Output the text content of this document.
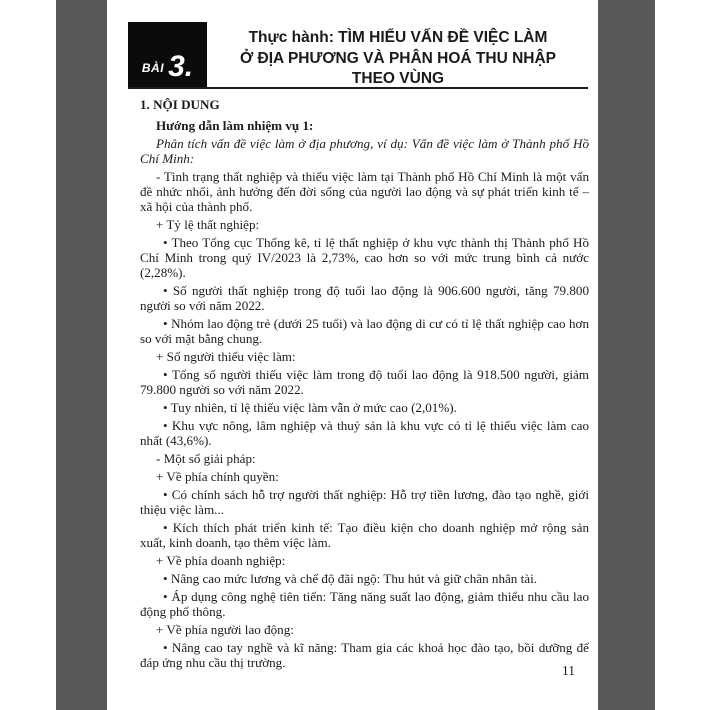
BÀI 3.
Thực hành: TÌM HIỂU VẤN ĐỀ VIỆC LÀM
Ở ĐỊA PHƯƠNG VÀ PHÂN HOÁ THU NHẬP
THEO VÙNG

1. NỘI DUNG

Hướng dẫn làm nhiệm vụ 1:

Phân tích vấn đề việc làm ở địa phương, ví dụ: Vấn đề việc làm ở Thành phố Hồ Chí Minh:

- Tình trạng thất nghiệp và thiếu việc làm tại Thành phố Hồ Chí Minh là một vấn đề nhức nhối, ảnh hưởng đến đời sống của người lao động và sự phát triển kinh tế – xã hội của thành phố.

+ Tỷ lệ thất nghiệp:

• Theo Tổng cục Thống kê, tỉ lệ thất nghiệp ở khu vực thành thị Thành phố Hồ Chí Minh trong quý IV/2023 là 2,73%, cao hơn so với mức trung bình cả nước (2,28%).

• Số người thất nghiệp trong độ tuổi lao động là 906.600 người, tăng 79.800 người so với năm 2022.

• Nhóm lao động trẻ (dưới 25 tuổi) và lao động di cư có tỉ lệ thất nghiệp cao hơn so với mặt bằng chung.

+ Số người thiếu việc làm:

• Tổng số người thiếu việc làm trong độ tuổi lao động là 918.500 người, giảm 79.800 người so với năm 2022.

• Tuy nhiên, tỉ lệ thiếu việc làm vẫn ở mức cao (2,01%).

• Khu vực nông, lâm nghiệp và thuỷ sản là khu vực có tỉ lệ thiếu việc làm cao nhất (43,6%).

- Một số giải pháp:

+ Về phía chính quyền:

• Có chính sách hỗ trợ người thất nghiệp: Hỗ trợ tiền lương, đào tạo nghề, giới thiệu việc làm...

• Kích thích phát triển kinh tế: Tạo điều kiện cho doanh nghiệp mở rộng sản xuất, kinh doanh, tạo thêm việc làm.

+ Về phía doanh nghiệp:

• Nâng cao mức lương và chế độ đãi ngộ: Thu hút và giữ chân nhân tài.

• Áp dụng công nghệ tiên tiến: Tăng năng suất lao động, giảm thiểu nhu cầu lao động phổ thông.

+ Về phía người lao động:

• Nâng cao tay nghề và kĩ năng: Tham gia các khoá học đào tạo, bồi dưỡng để đáp ứng nhu cầu thị trường.

11
